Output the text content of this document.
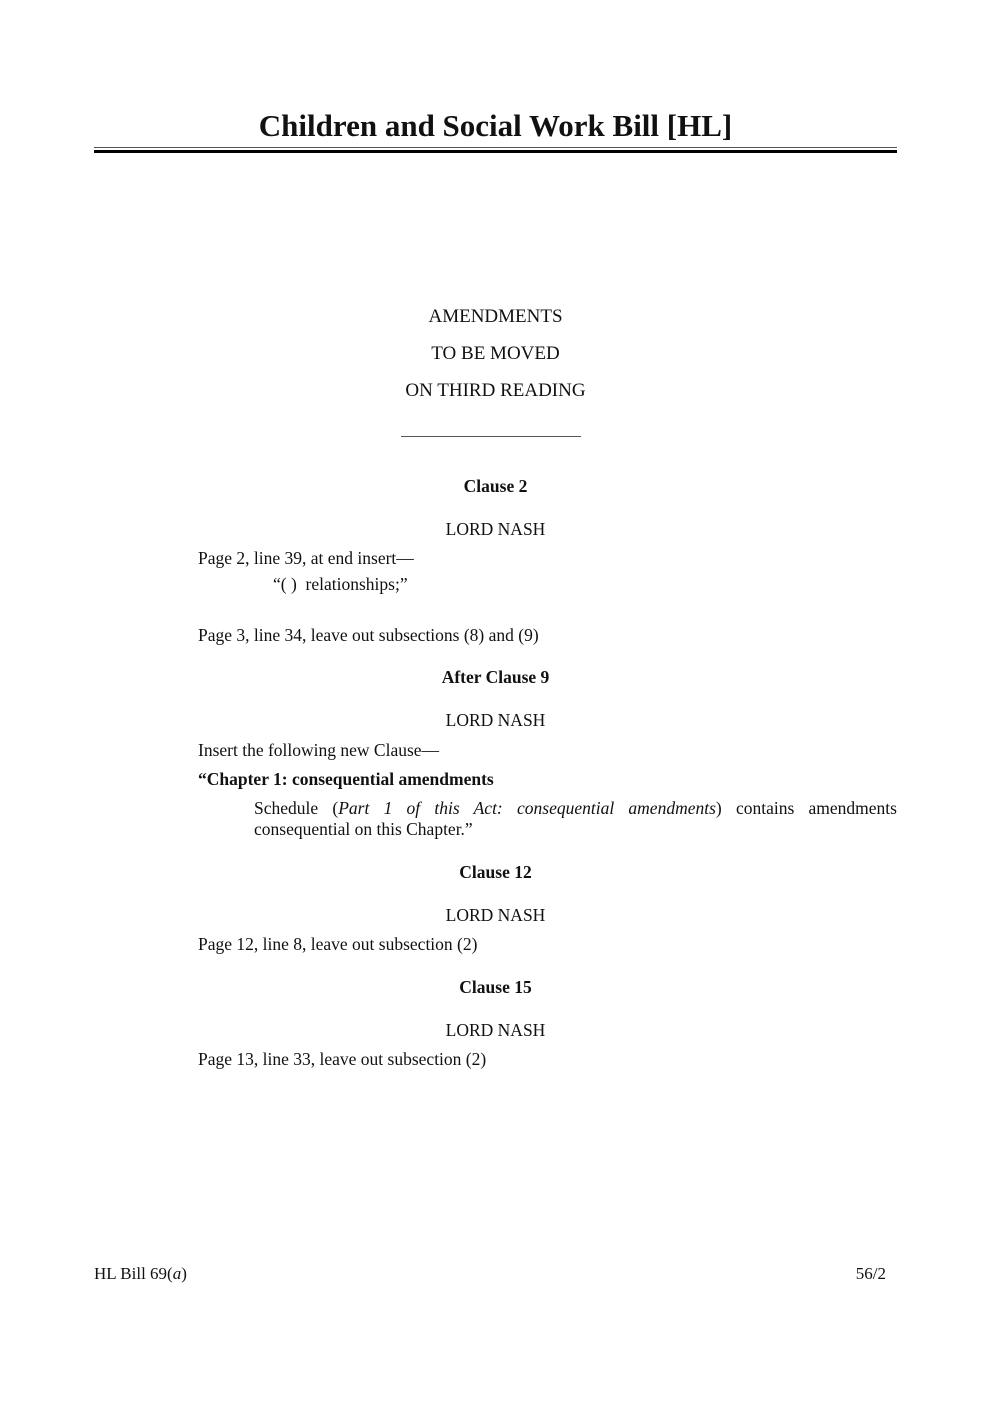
Children and Social Work Bill [HL]
AMENDMENTS
TO BE MOVED
ON THIRD READING
Clause 2
LORD NASH
Page 2, line 39, at end insert—
“( )  relationships;”
Page 3, line 34, leave out subsections (8) and (9)
After Clause 9
LORD NASH
Insert the following new Clause—
“Chapter 1: consequential amendments
Schedule (Part 1 of this Act: consequential amendments) contains amendments
consequential on this Chapter.”
Clause 12
LORD NASH
Page 12, line 8, leave out subsection (2)
Clause 15
LORD NASH
Page 13, line 33, leave out subsection (2)
HL Bill 69(a)	56/2
